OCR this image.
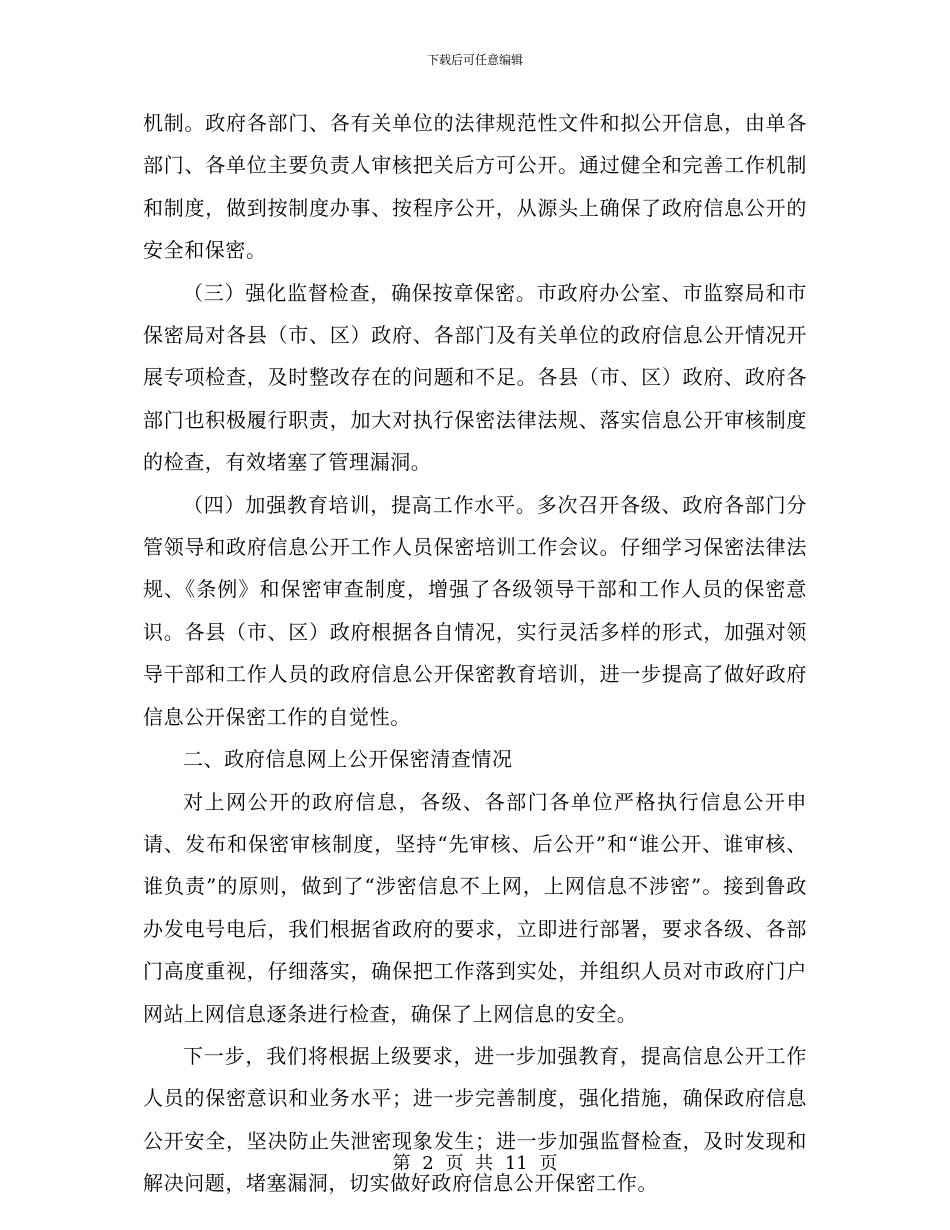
下载后可任意编辑

机制。政府各部门、各有关单位的法律规范性文件和拟公开信息，由单各部门、各单位主要负责人审核把关后方可公开。通过健全和完善工作机制和制度，做到按制度办事、按程序公开，从源头上确保了政府信息公开的安全和保密。

（三）强化监督检查，确保按章保密。市政府办公室、市监察局和市保密局对各县（市、区）政府、各部门及有关单位的政府信息公开情况开展专项检查，及时整改存在的问题和不足。各县（市、区）政府、政府各部门也积极履行职责，加大对执行保密法律法规、落实信息公开审核制度的检查，有效堵塞了管理漏洞。

（四）加强教育培训，提高工作水平。多次召开各级、政府各部门分管领导和政府信息公开工作人员保密培训工作会议。仔细学习保密法律法规、《条例》和保密审查制度，增强了各级领导干部和工作人员的保密意识。各县（市、区）政府根据各自情况，实行灵活多样的形式，加强对领导干部和工作人员的政府信息公开保密教育培训，进一步提高了做好政府信息公开保密工作的自觉性。

二、政府信息网上公开保密清查情况

对上网公开的政府信息，各级、各部门各单位严格执行信息公开申请、发布和保密审核制度，坚持“先审核、后公开”和“谁公开、谁审核、谁负责”的原则，做到了“涉密信息不上网，上网信息不涉密”。接到鲁政办发电号电后，我们根据省政府的要求，立即进行部署，要求各级、各部门高度重视，仔细落实，确保把工作落到实处，并组织人员对市政府门户网站上网信息逐条进行检查，确保了上网信息的安全。

下一步，我们将根据上级要求，进一步加强教育，提高信息公开工作人员的保密意识和业务水平；进一步完善制度，强化措施，确保政府信息公开安全，坚决防止失泄密现象发生；进一步加强监督检查，及时发现和解决问题，堵塞漏洞，切实做好政府信息公开保密工作。

第 2 页 共 11 页
